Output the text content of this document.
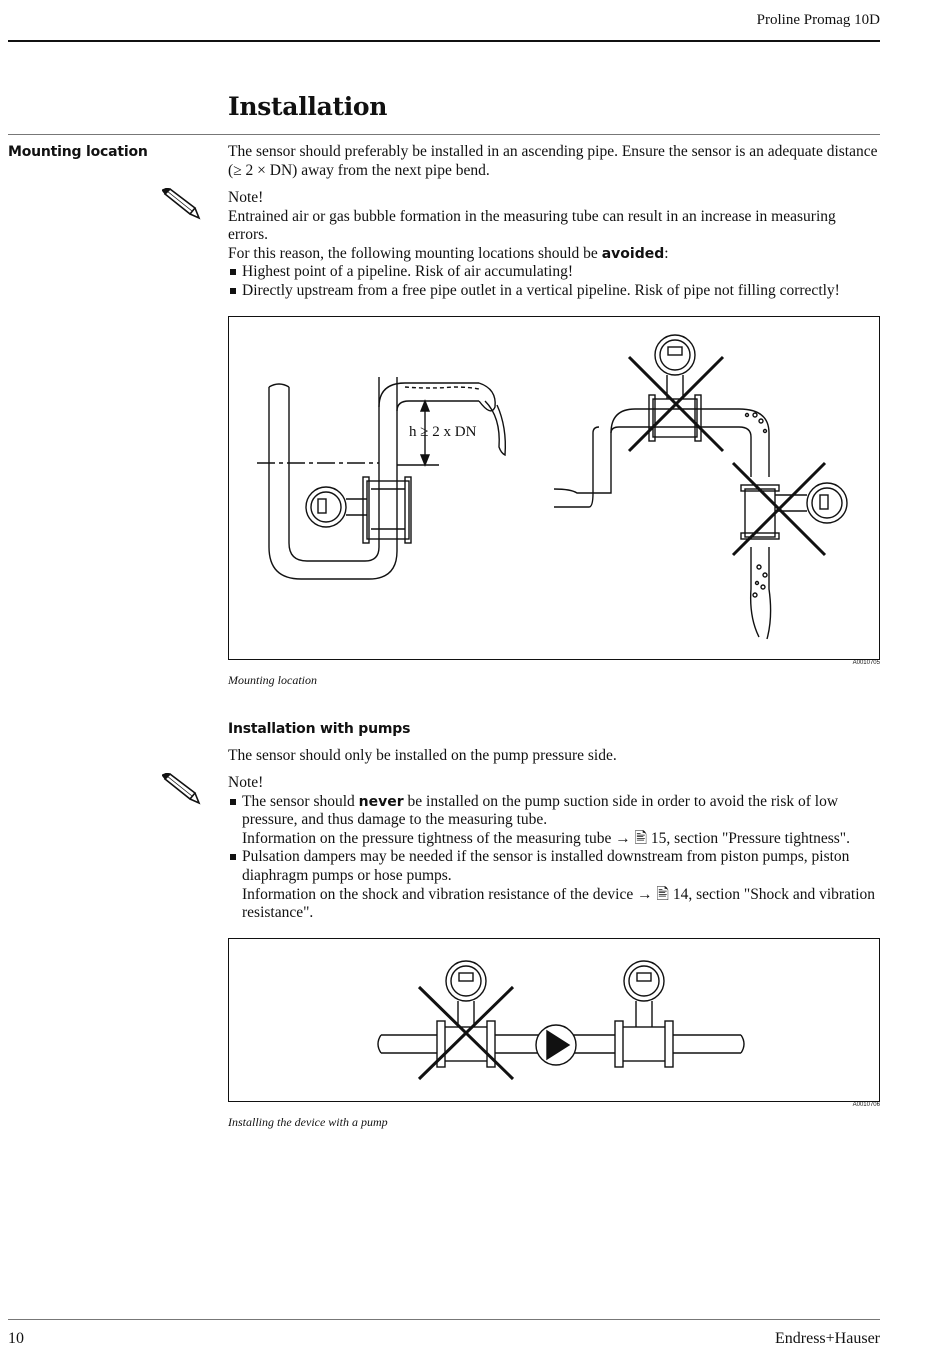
Proline Promag 10D
Installation
Mounting location	The sensor should preferably be installed in an ascending pipe. Ensure the sensor is an adequate distance (≥ 2 × DN) away from the next pipe bend.
Note!
Entrained air or gas bubble formation in the measuring tube can result in an increase in measuring errors.
For this reason, the following mounting locations should be avoided:
Highest point of a pipeline. Risk of air accumulating!
Directly upstream from a free pipe outlet in a vertical pipeline. Risk of pipe not filling correctly!
h ≥ 2 x DN
A0010705
Mounting location
Installation with pumps
The sensor should only be installed on the pump pressure side.
Note!
The sensor should never be installed on the pump suction side in order to avoid the risk of low pressure, and thus damage to the measuring tube.
Information on the pressure tightness of the measuring tube → 🖹 15, section "Pressure tightness".
Pulsation dampers may be needed if the sensor is installed downstream from piston pumps, piston diaphragm pumps or hose pumps.
Information on the shock and vibration resistance of the device → 🖹 14, section "Shock and vibration resistance".
A0010706
Installing the device with a pump
10	Endress+Hauser
